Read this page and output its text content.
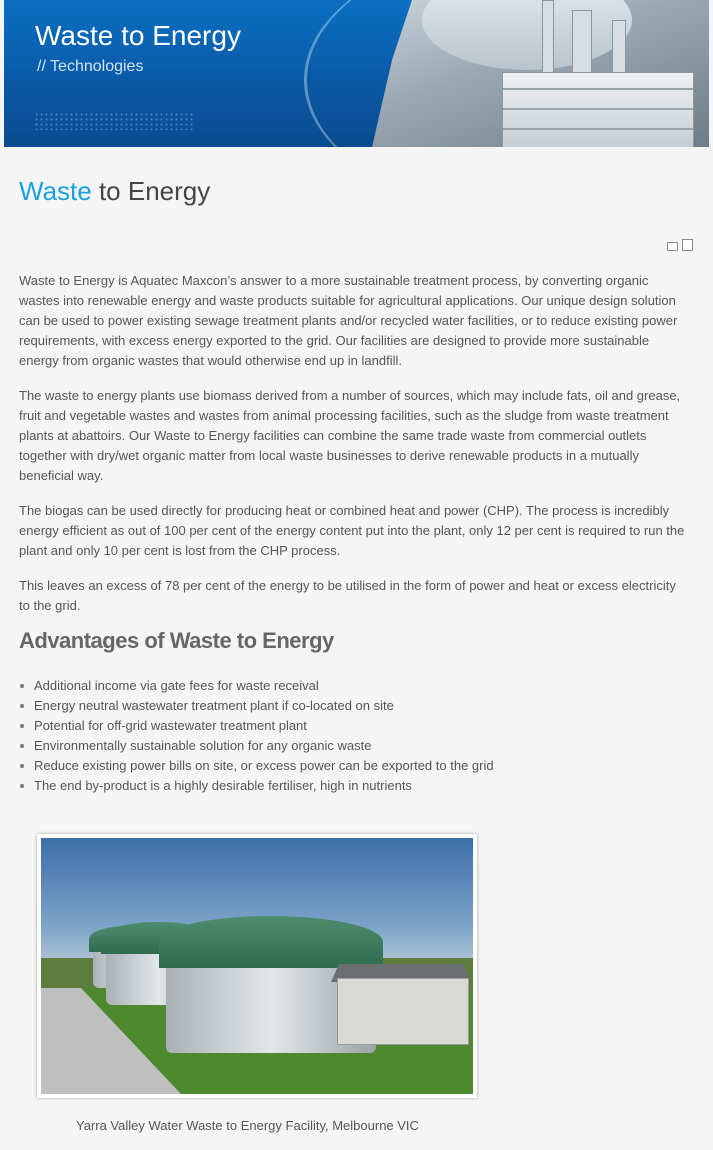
Waste to Energy
// Technologies
Waste to Energy

Waste to Energy is Aquatec Maxcon’s answer to a more sustainable treatment process, by converting organic wastes into renewable energy and waste products suitable for agricultural applications. Our unique design solution can be used to power existing sewage treatment plants and/or recycled water facilities, or to reduce existing power requirements, with excess energy exported to the grid. Our facilities are designed to provide more sustainable energy from organic wastes that would otherwise end up in landfill.

The waste to energy plants use biomass derived from a number of sources, which may include fats, oil and grease, fruit and vegetable wastes and wastes from animal processing facilities, such as the sludge from waste treatment plants at abattoirs. Our Waste to Energy facilities can combine the same trade waste from commercial outlets together with dry/wet organic matter from local waste businesses to derive renewable products in a mutually beneficial way.

The biogas can be used directly for producing heat or combined heat and power (CHP). The process is incredibly energy efficient as out of 100 per cent of the energy content put into the plant, only 12 per cent is required to run the plant and only 10 per cent is lost from the CHP process.

This leaves an excess of 78 per cent of the energy to be utilised in the form of power and heat or excess electricity to the grid.

Advantages of Waste to Energy
Additional income via gate fees for waste receival
Energy neutral wastewater treatment plant if co-located on site
Potential for off-grid wastewater treatment plant
Environmentally sustainable solution for any organic waste
Reduce existing power bills on site, or excess power can be exported to the grid
The end by-product is a highly desirable fertiliser, high in nutrients
Yarra Valley Water Waste to Energy Facility, Melbourne VIC
